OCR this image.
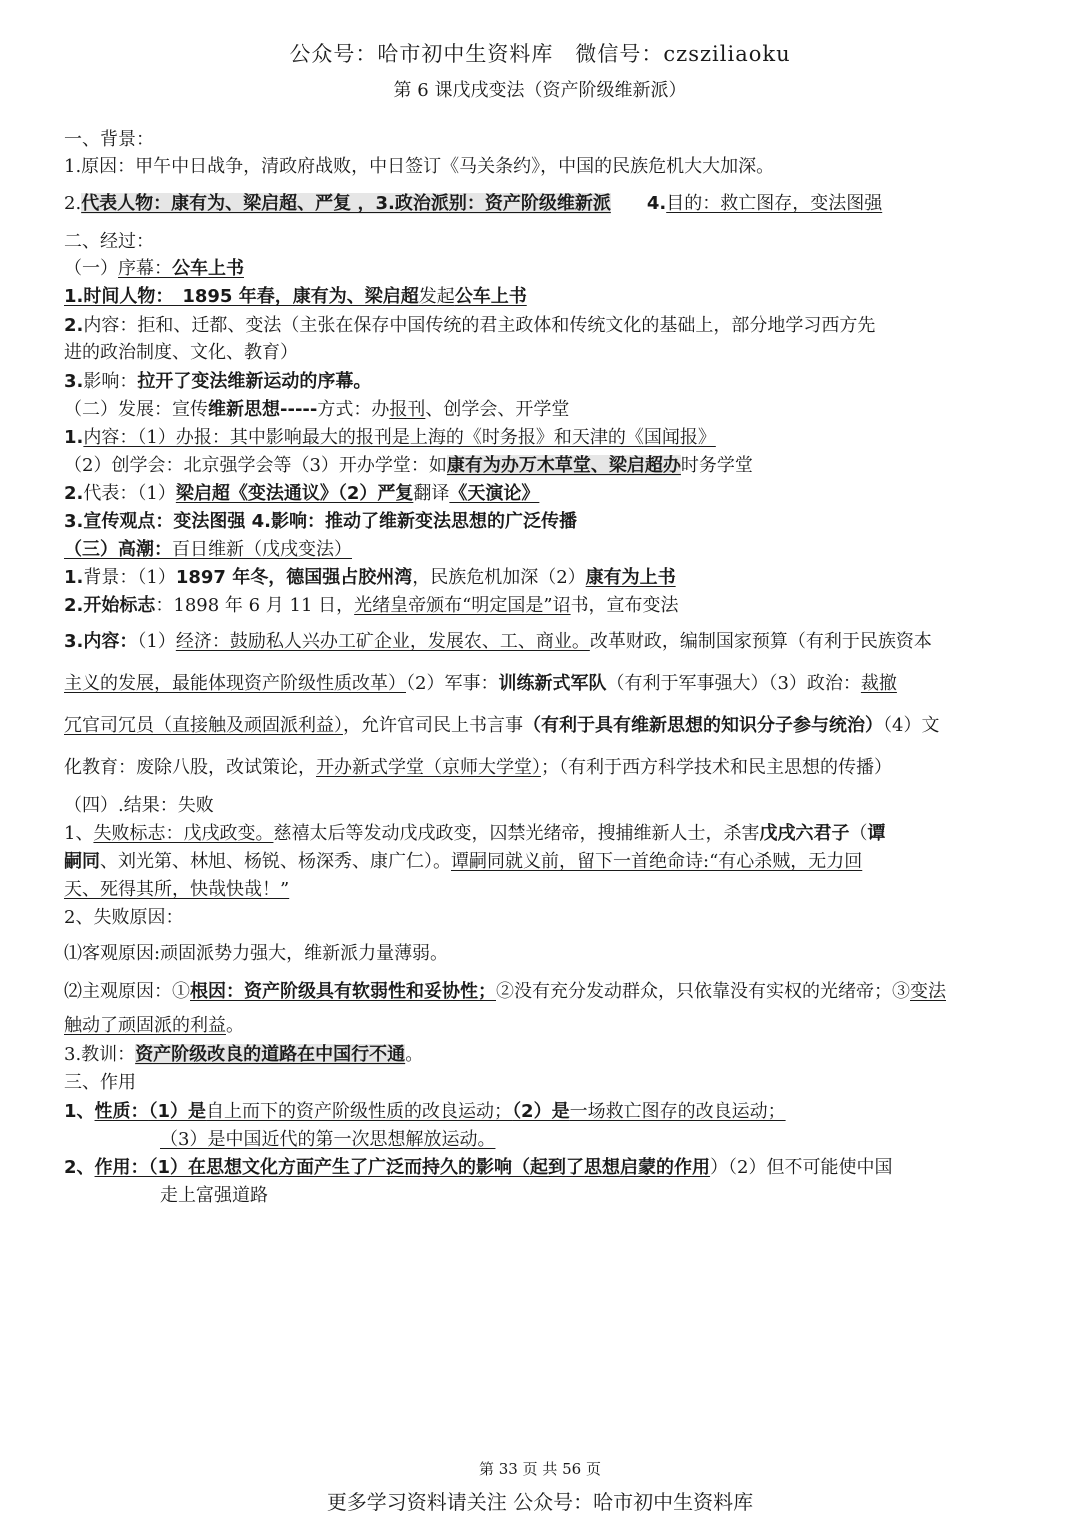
公众号：哈市初中生资料库　微信号：czsziliaoku
第 6 课戊戌变法（资产阶级维新派）
一、背景：
1.原因：甲午中日战争，清政府战败，中日签订《马关条约》，中国的民族危机大大加深。
2.代表人物：康有为、梁启超、严复 ，3.政治派别：资产阶级维新派　　 4.目的：救亡图存，变法图强
二、经过：
（一）序幕：公车上书
1.时间人物：　1895 年春，康有为、梁启超发起公车上书
2.内容：拒和、迁都、变法（主张在保存中国传统的君主政体和传统文化的基础上，部分地学习西方先
进的政治制度、文化、教育）
3.影响：拉开了变法维新运动的序幕。
（二）发展：宣传维新思想-----方式：办报刊、创学会、开学堂
1.内容：（1）办报：其中影响最大的报刊是上海的《时务报》和天津的《国闻报》
（2）创学会：北京强学会等（3）开办学堂：如康有为办万木草堂、梁启超办时务学堂
2.代表：（1）梁启超《变法通议》（2）严复翻译《天演论》
3.宣传观点：变法图强 4.影响：推动了维新变法思想的广泛传播
（三）高潮：百日维新（戊戌变法）
1.背景：（1）1897 年冬，德国强占胶州湾，民族危机加深（2）康有为上书
2.开始标志：1898 年 6 月 11 日，光绪皇帝颁布“明定国是”诏书，宣布变法
3.内容：（1）经济：鼓励私人兴办工矿企业，发展农、工、商业。改革财政，编制国家预算（有利于民族资本
主义的发展，最能体现资产阶级性质改革）（2）军事：训练新式军队（有利于军事强大）（3）政治：裁撤
冗官司冗员（直接触及顽固派利益），允许官司民上书言事（有利于具有维新思想的知识分子参与统治）（4）文
化教育：废除八股，改试策论，开办新式学堂（京师大学堂）；（有利于西方科学技术和民主思想的传播）
（四）.结果：失败
1、失败标志：戊戌政变。慈禧太后等发动戊戌政变，囚禁光绪帝，搜捕维新人士，杀害戊戌六君子（谭
嗣同、刘光第、林旭、杨锐、杨深秀、康广仁）。谭嗣同就义前，留下一首绝命诗:“有心杀贼，无力回
天、死得其所，快哉快哉！”
2、失败原因：
⑴客观原因:顽固派势力强大，维新派力量薄弱。
⑵主观原因：①根因：资产阶级具有软弱性和妥协性；②没有充分发动群众，只依靠没有实权的光绪帝；③变法
触动了顽固派的利益。
3.教训：资产阶级改良的道路在中国行不通。
三、作用
1、性质：（1）是自上而下的资产阶级性质的改良运动；（2）是一场救亡图存的改良运动；
（3）是中国近代的第一次思想解放运动。
2、作用：（1）在思想文化方面产生了广泛而持久的影响（起到了思想启蒙的作用）（2）但不可能使中国
走上富强道路
第 33 页 共 56 页
更多学习资料请关注 公众号：哈市初中生资料库
